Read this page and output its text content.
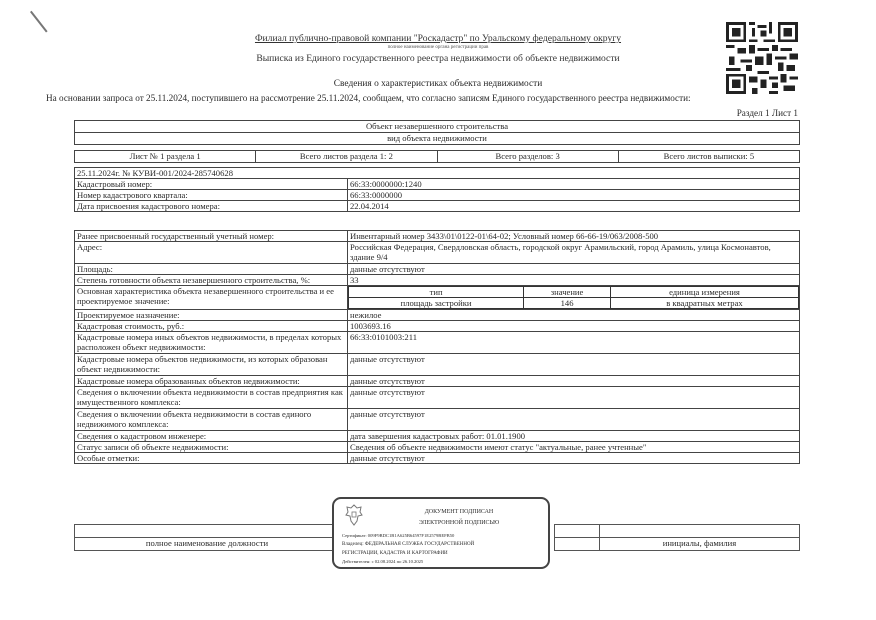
Филиал публично-правовой компании "Роскадастр" по Уральскому федеральному округу
полное наименование органа регистрации прав
Выписка из Единого государственного реестра недвижимости об объекте недвижимости
Сведения о характеристиках объекта недвижимости
На основании запроса от 25.11.2024, поступившего на рассмотрение 25.11.2024, сообщаем, что согласно записям Единого государственного реестра недвижимости:
Раздел 1 Лист 1
Объект незавершенного строительства
вид объекта недвижимости
Лист № 1 раздела 1	Всего листов раздела 1: 2	Всего разделов: 3	Всего листов выписки: 5
25.11.2024г. № КУВИ-001/2024-285740628	
Кадастровый номер:	66:33:0000000:1240
Номер кадастрового квартала:	66:33:0000000
Дата присвоения кадастрового номера:	22.04.2014
Ранее присвоенный государственный учетный номер:	Инвентарный номер 3433\01\0122-01\64-02; Условный номер 66-66-19/063/2008-500
Адрес:	Российская Федерация, Свердловская область, городской округ Арамильский, город Арамиль, улица Космонавтов, здание 9/4
Площадь:	данные отсутствуют
Степень готовности объекта незавершенного строительства, %:	33
Основная характеристика объекта незавершенного строительства и ее проектируемое значение:	
тип	значение	единица измерения
площадь застройки	146	в квадратных метрах

Проектируемое назначение:	нежилое
Кадастровая стоимость, руб.:	1003693.16
Кадастровые номера иных объектов недвижимости, в пределах которых расположен объект недвижимости:	66:33:0101003:211
Кадастровые номера объектов недвижимости, из которых образован объект недвижимости:	данные отсутствуют
Кадастровые номера образованных объектов недвижимости:	данные отсутствуют
Сведения о включении объекта недвижимости в состав предприятия как имущественного комплекса:	данные отсутствуют
Сведения о включении объекта недвижимости в состав единого недвижимого комплекса:	данные отсутствуют
Сведения о кадастровом инженере:	дата завершения кадастровых работ: 01.01.1900
Статус записи об объекте недвижимости:	Сведения об объекте недвижимости имеют статус "актуальные, ранее учтенные"
Особые отметки:	данные отсутствуют

полное наименование должности			инициалы, фамилия
ДОКУМЕНТ ПОДПИСАН
ЭЛЕКТРОННОЙ ПОДПИСЬЮ
Сертификат: 009F9BDC1B1A625B64597F1E2579BEFB50
Владелец: ФЕДЕРАЛЬНАЯ СЛУЖБА ГОСУДАРСТВЕННОЙ
РЕГИСТРАЦИИ, КАДАСТРА И КАРТОГРАФИИ
Действителен: с 02.08.2024 по 26.10.2025
